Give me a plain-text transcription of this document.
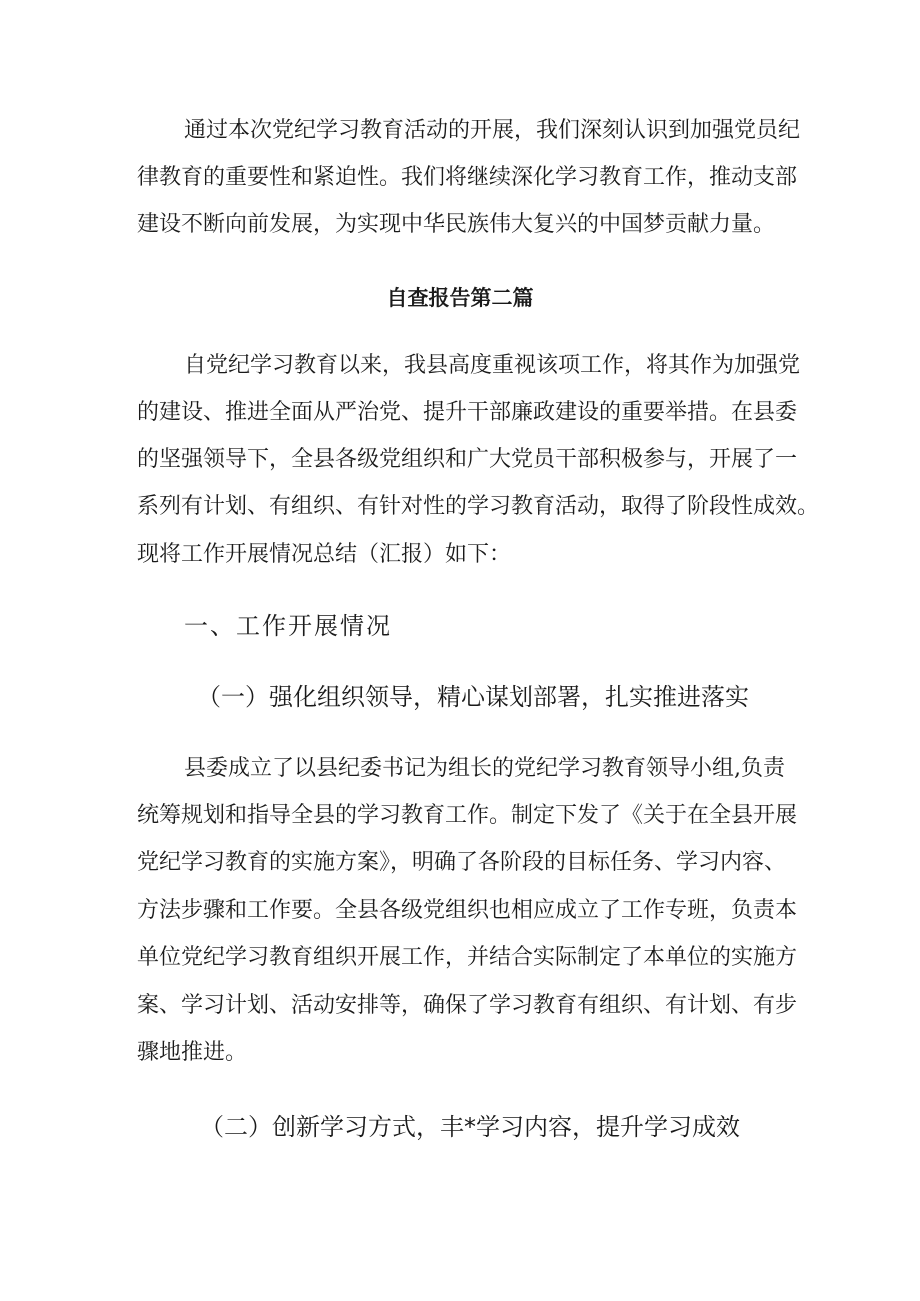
通过本次党纪学习教育活动的开展，我们深刻认识到加强党员纪
律教育的重要性和紧迫性。我们将继续深化学习教育工作，推动支部
建设不断向前发展，为实现中华民族伟大复兴的中国梦贡献力量。
自查报告第二篇
自党纪学习教育以来，我县高度重视该项工作，将其作为加强党
的建设、推进全面从严治党、提升干部廉政建设的重要举措。在县委
的坚强领导下，全县各级党组织和广大党员干部积极参与，开展了一
系列有计划、有组织、有针对性的学习教育活动，取得了阶段性成效。
现将工作开展情况总结（汇报）如下：
一、工作开展情况
（一）强化组织领导，精心谋划部署，扎实推进落实
县委成立了以县纪委书记为组长的党纪学习教育领导小组,负责
统筹规划和指导全县的学习教育工作。制定下发了《关于在全县开展
党纪学习教育的实施方案》，明确了各阶段的目标任务、学习内容、
方法步骤和工作要。全县各级党组织也相应成立了工作专班，负责本
单位党纪学习教育组织开展工作，并结合实际制定了本单位的实施方
案、学习计划、活动安排等，确保了学习教育有组织、有计划、有步
骤地推进。
（二）创新学习方式，丰*学习内容，提升学习成效
